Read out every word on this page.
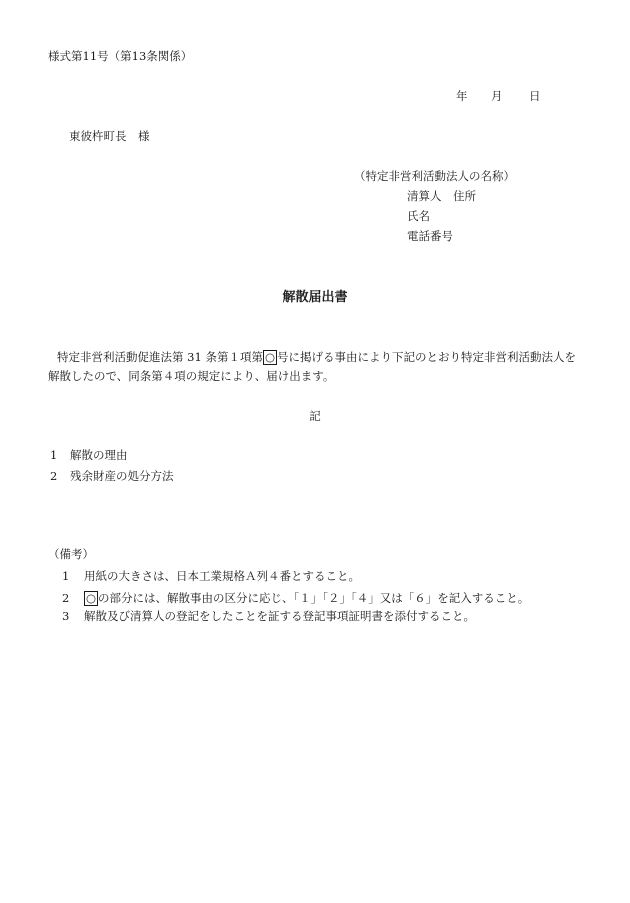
様式第11号（第13条関係）
年 月 日
東彼杵町長　様
（特定非営利活動法人の名称）
清算人　住所
氏名
電話番号
解散届出書
特定非営利活動促進法第 31 条第１項第 ○ 号に掲げる事由により下記のとおり特定非営利活動法人を
解散したので、同条第４項の規定により、届け出ます。
記
1 解散の理由
2 残余財産の処分方法
（備考）
1 用紙の大きさは、日本工業規格Ａ列４番とすること。
2 ○ の部分には、解散事由の区分に応じ、「１」「２」「４」又は「６」を記入すること。
3 解散及び清算人の登記をしたことを証する登記事項証明書を添付すること。
